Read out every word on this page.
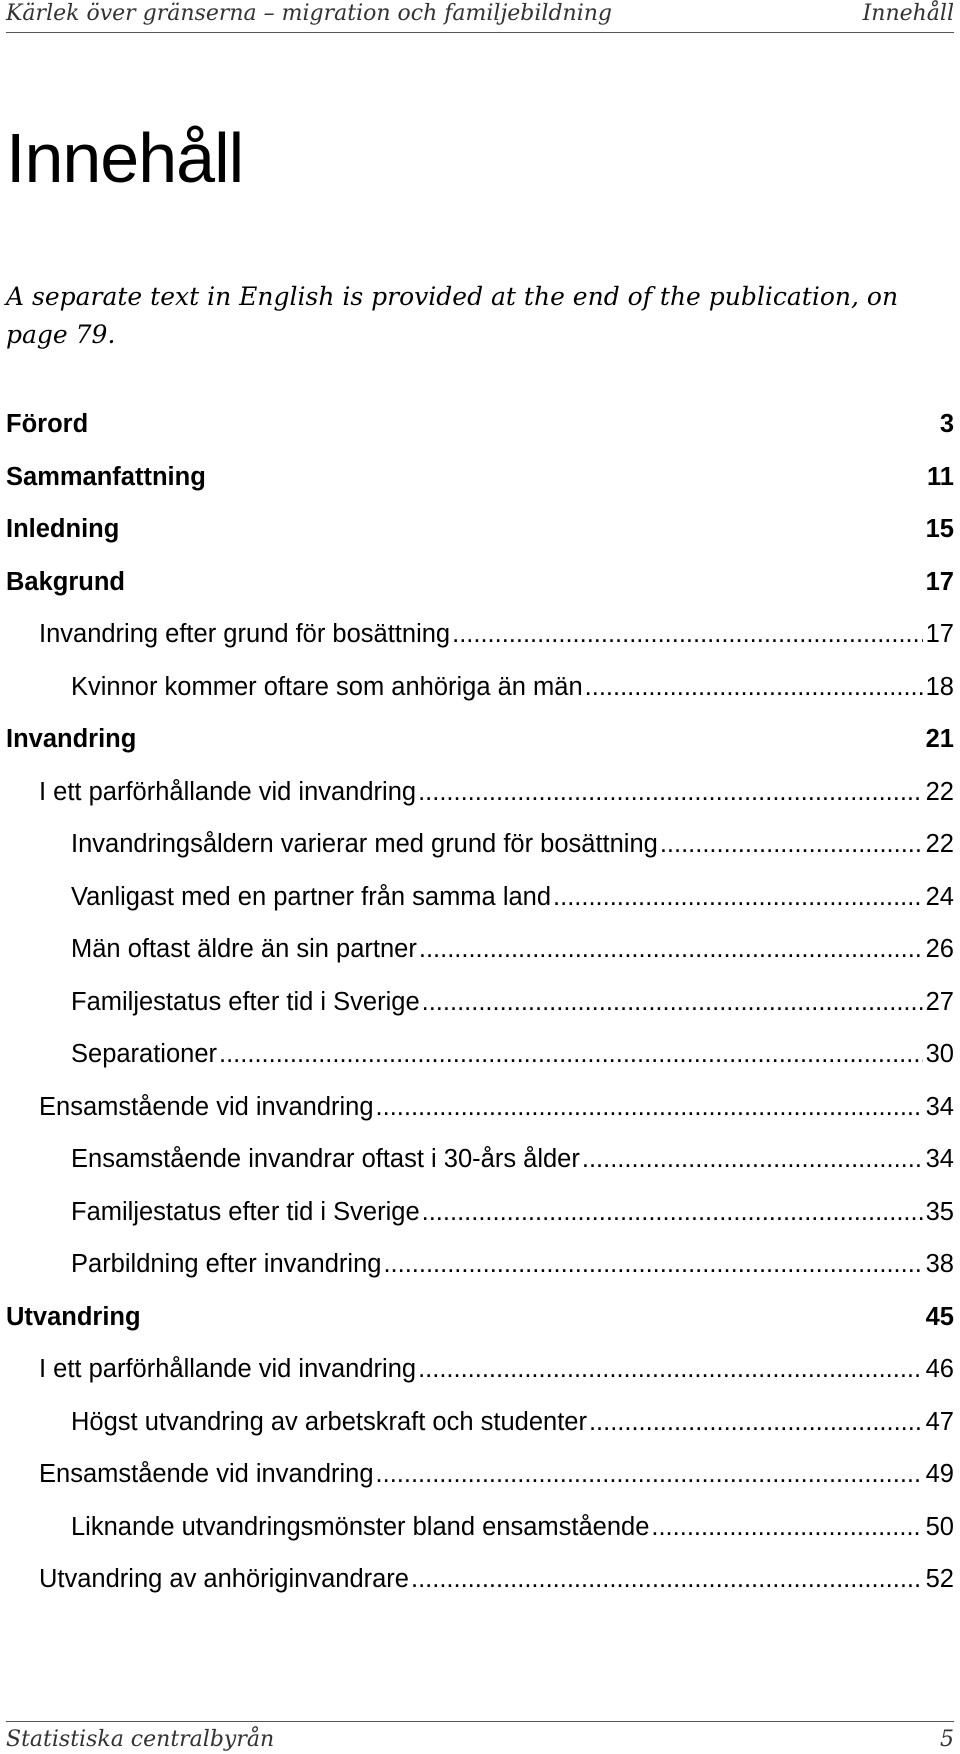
Kärlek över gränserna – migration och familjebildning	Innehåll
Innehåll

A separate text in English is provided at the end of the publication, on page 79.

Förord	3
Sammanfattning	11
Inledning	15
Bakgrund	17
Invandring efter grund för bosättning .....	17
Kvinnor kommer oftare som anhöriga än män .....	18
Invandring	21
I ett parförhållande vid invandring .....	22
Invandringsåldern varierar med grund för bosättning .....	22
Vanligast med en partner från samma land .....	24
Män oftast äldre än sin partner .....	26
Familjestatus efter tid i Sverige .....	27
Separationer .....	30
Ensamstående vid invandring .....	34
Ensamstående invandrar oftast i 30-års ålder .....	34
Familjestatus efter tid i Sverige .....	35
Parbildning efter invandring .....	38
Utvandring	45
I ett parförhållande vid invandring .....	46
Högst utvandring av arbetskraft och studenter .....	47
Ensamstående vid invandring .....	49
Liknande utvandringsmönster bland ensamstående .....	50
Utvandring av anhöriginvandrare .....	52
Statistiska centralbyrån	5
